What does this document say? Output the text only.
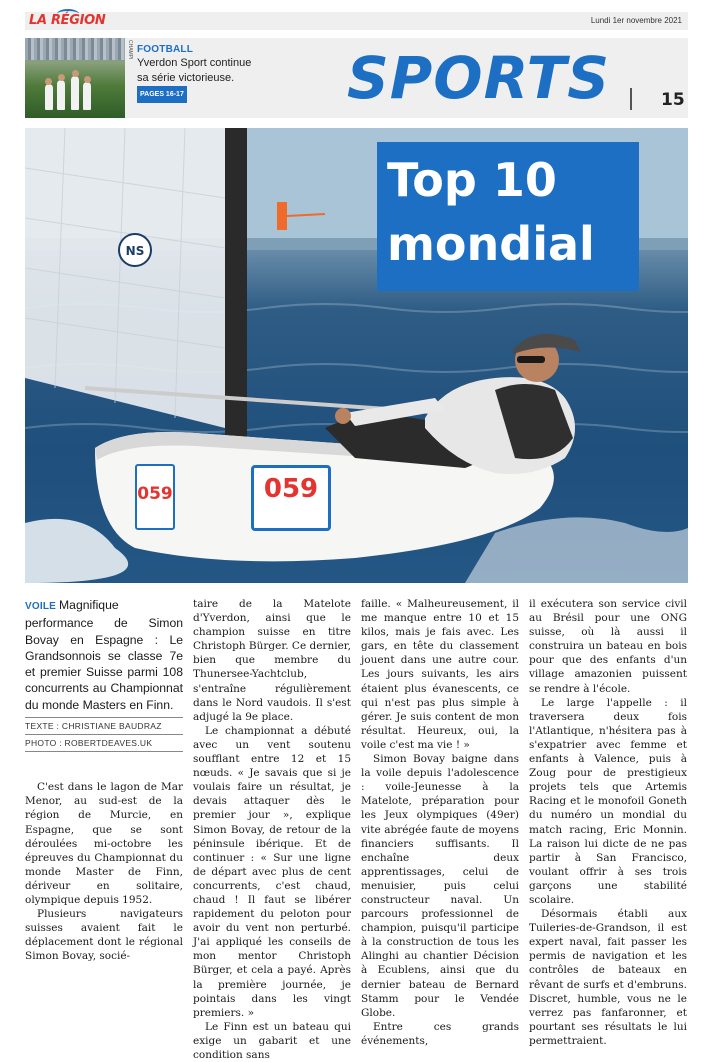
LA RÉGION	Lundi 1er novembre 2021
CHAMPI FOOTBALL
Yverdon Sport continue sa série victorieuse. PAGES 16-17	SPORTS	15
NS
Top 10
mondial
059	059

VOILE Magnifique performance de Simon Bovay en Espagne : Le Grandsonnois se classe 7e et premier Suisse parmi 108 concurrents au Championnat du monde Masters en Finn.

TEXTE : CHRISTIANE BAUDRAZ
PHOTO : ROBERTDEAVES.UK

C'est dans le lagon de Mar Menor, au sud-est de la région de Murcie, en Espagne, que se sont déroulées mi-octobre les épreuves du Championnat du monde Master de Finn, dériveur en solitaire, olympique depuis 1952.

Plusieurs navigateurs suisses avaient fait le déplacement dont le régional Simon Bovay, socié-

taire de la Matelote d'Yverdon, ainsi que le champion suisse en titre Christoph Bürger. Ce dernier, bien que membre du Thunersee-Yachtclub, s'entraîne régulièrement dans le Nord vaudois. Il s'est adjugé la 9e place.

Le championnat a débuté avec un vent soutenu soufflant entre 12 et 15 nœuds. « Je savais que si je voulais faire un résultat, je devais attaquer dès le premier jour », explique Simon Bovay, de retour de la péninsule ibérique. Et de continuer : « Sur une ligne de départ avec plus de cent concurrents, c'est chaud, chaud ! Il faut se libérer rapidement du peloton pour avoir du vent non perturbé. J'ai appliqué les conseils de mon mentor Christoph Bürger, et cela a payé. Après la première journée, je pointais dans les vingt premiers. »

Le Finn est un bateau qui exige un gabarit et une condition sans

faille. « Malheureusement, il me manque entre 10 et 15 kilos, mais je fais avec. Les gars, en tête du classement jouent dans une autre cour. Les jours suivants, les airs étaient plus évanescents, ce qui n'est pas plus simple à gérer. Je suis content de mon résultat. Heureux, oui, la voile c'est ma vie ! »

Simon Bovay baigne dans la voile depuis l'adolescence : voile-Jeunesse à la Matelote, préparation pour les Jeux olympiques (49er) vite abrégée faute de moyens financiers suffisants. Il enchaîne deux apprentissages, celui de menuisier, puis celui constructeur naval. Un parcours professionnel de champion, puisqu'il participe à la construction de tous les Alinghi au chantier Décision à Ecublens, ainsi que du dernier bateau de Bernard Stamm pour le Vendée Globe.

Entre ces grands événements,

il exécutera son service civil au Brésil pour une ONG suisse, où là aussi il construira un bateau en bois pour que des enfants d'un village amazonien puissent se rendre à l'école.

Le large l'appelle : il traversera deux fois l'Atlantique, n'hésitera pas à s'expatrier avec femme et enfants à Valence, puis à Zoug pour de prestigieux projets tels que Artemis Racing et le monofoil Goneth du numéro un mondial du match racing, Eric Monnin. La raison lui dicte de ne pas partir à San Francisco, voulant offrir à ses trois garçons une stabilité scolaire.

Désormais établi aux Tuileries-de-Grandson, il est expert naval, fait passer les permis de navigation et les contrôles de bateaux en rêvant de surfs et d'embruns. Discret, humble, vous ne le verrez pas fanfaronner, et pourtant ses résultats le lui permettraient.
